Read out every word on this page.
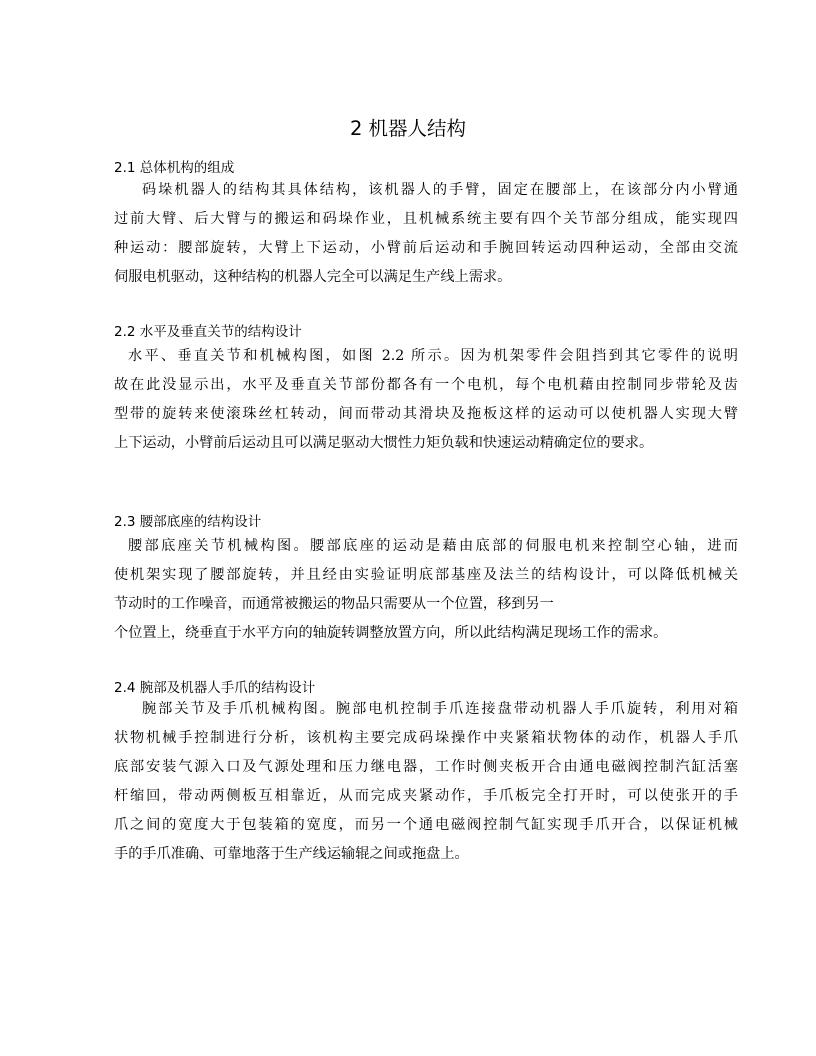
2 机器人结构
2.1 总体机构的组成
码垛机器人的结构其具体结构，该机器人的手臂，固定在腰部上，在该部分内小臂通
过前大臂、后大臂与的搬运和码垛作业，且机械系统主要有四个关节部分组成，能实现四
种运动：腰部旋转，大臂上下运动，小臂前后运动和手腕回转运动四种运动，全部由交流
伺服电机驱动，这种结构的机器人完全可以满足生产线上需求。
2.2 水平及垂直关节的结构设计
水平、垂直关节和机械构图，如图 2.2 所示。因为机架零件会阻挡到其它零件的说明
故在此没显示出，水平及垂直关节部份都各有一个电机，每个电机藉由控制同步带轮及齿
型带的旋转来使滚珠丝杠转动，间而带动其滑块及拖板这样的运动可以使机器人实现大臂
上下运动，小臂前后运动且可以满足驱动大惯性力矩负载和快速运动精确定位的要求。
2.3 腰部底座的结构设计
腰部底座关节机械构图。腰部底座的运动是藉由底部的伺服电机来控制空心轴，进而
使机架实现了腰部旋转，并且经由实验证明底部基座及法兰的结构设计，可以降低机械关
节动时的工作噪音，而通常被搬运的物品只需要从一个位置，移到另一
个位置上，绕垂直于水平方向的轴旋转调整放置方向，所以此结构满足现场工作的需求。
2.4 腕部及机器人手爪的结构设计
腕部关节及手爪机械构图。腕部电机控制手爪连接盘带动机器人手爪旋转，利用对箱
状物机械手控制进行分析，该机构主要完成码垛操作中夹紧箱状物体的动作，机器人手爪
底部安装气源入口及气源处理和压力继电器，工作时侧夹板开合由通电磁阀控制汽缸活塞
杆缩回，带动两侧板互相靠近，从而完成夹紧动作，手爪板完全打开时，可以使张开的手
爪之间的宽度大于包装箱的宽度，而另一个通电磁阀控制气缸实现手爪开合，以保证机械
手的手爪准确、可靠地落于生产线运输辊之间或拖盘上。
